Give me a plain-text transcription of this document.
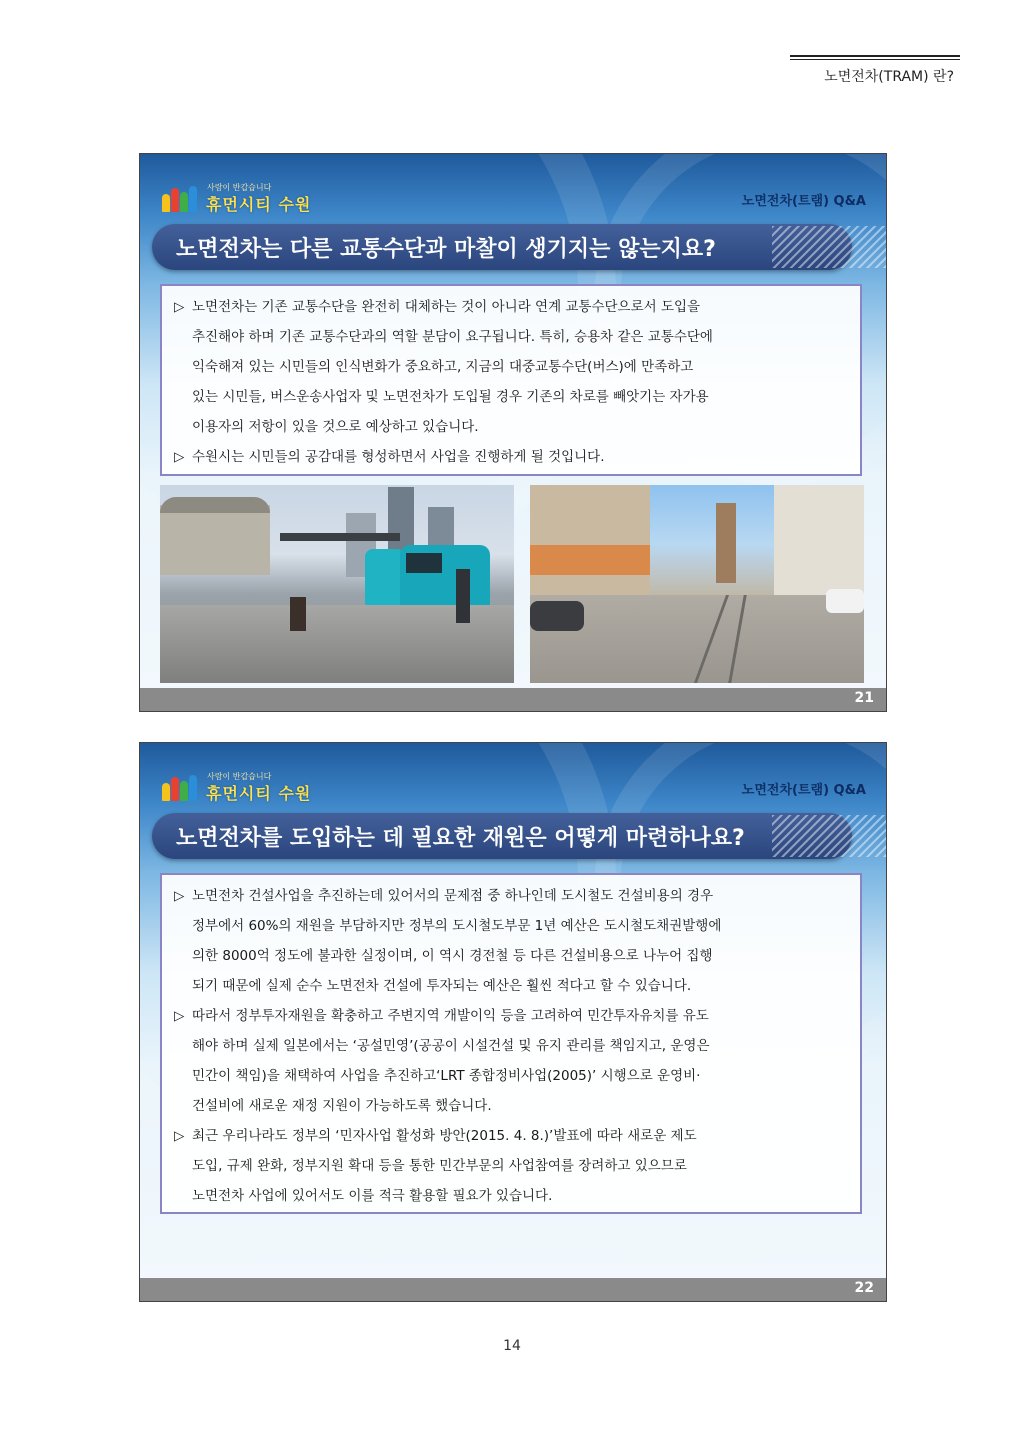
노면전차(TRAM) 란?
사람이 반갑습니다
휴먼시티 수원	노면전차(트램) Q&A
노면전차는 다른 교통수단과 마찰이 생기지는 않는지요?
▷ 노면전차는 기존 교통수단을 완전히 대체하는 것이 아니라 연계 교통수단으로서 도입을
추진해야 하며 기존 교통수단과의 역할 분담이 요구됩니다. 특히, 승용차 같은 교통수단에
익숙해져 있는 시민들의 인식변화가 중요하고, 지금의 대중교통수단(버스)에 만족하고
있는 시민들, 버스운송사업자 및 노면전차가 도입될 경우 기존의 차로를 빼앗기는 자가용
이용자의 저항이 있을 것으로 예상하고 있습니다.
▷ 수원시는 시민들의 공감대를 형성하면서 사업을 진행하게 될 것입니다.
21
사람이 반갑습니다
휴먼시티 수원	노면전차(트램) Q&A
노면전차를 도입하는 데 필요한 재원은 어떻게 마련하나요?
▷ 노면전차 건설사업을 추진하는데 있어서의 문제점 중 하나인데 도시철도 건설비용의 경우
정부에서 60%의 재원을 부담하지만 정부의 도시철도부문 1년 예산은 도시철도채권발행에
의한 8000억 정도에 불과한 실정이며, 이 역시 경전철 등 다른 건설비용으로 나누어 집행
되기 때문에 실제 순수 노면전차 건설에 투자되는 예산은 훨씬 적다고 할 수 있습니다.
▷ 따라서 정부투자재원을 확충하고 주변지역 개발이익 등을 고려하여 민간투자유치를 유도
해야 하며 실제 일본에서는 ‘공설민영’(공공이 시설건설 및 유지 관리를 책임지고, 운영은
민간이 책임)을 채택하여 사업을 추진하고‘LRT 종합정비사업(2005)’ 시행으로 운영비·
건설비에 새로운 재정 지원이 가능하도록 했습니다.
▷ 최근 우리나라도 정부의 ‘민자사업 활성화 방안(2015. 4. 8.)’발표에 따라 새로운 제도
도입, 규제 완화, 정부지원 확대 등을 통한 민간부문의 사업참여를 장려하고 있으므로
노면전차 사업에 있어서도 이를 적극 활용할 필요가 있습니다.
22
14
